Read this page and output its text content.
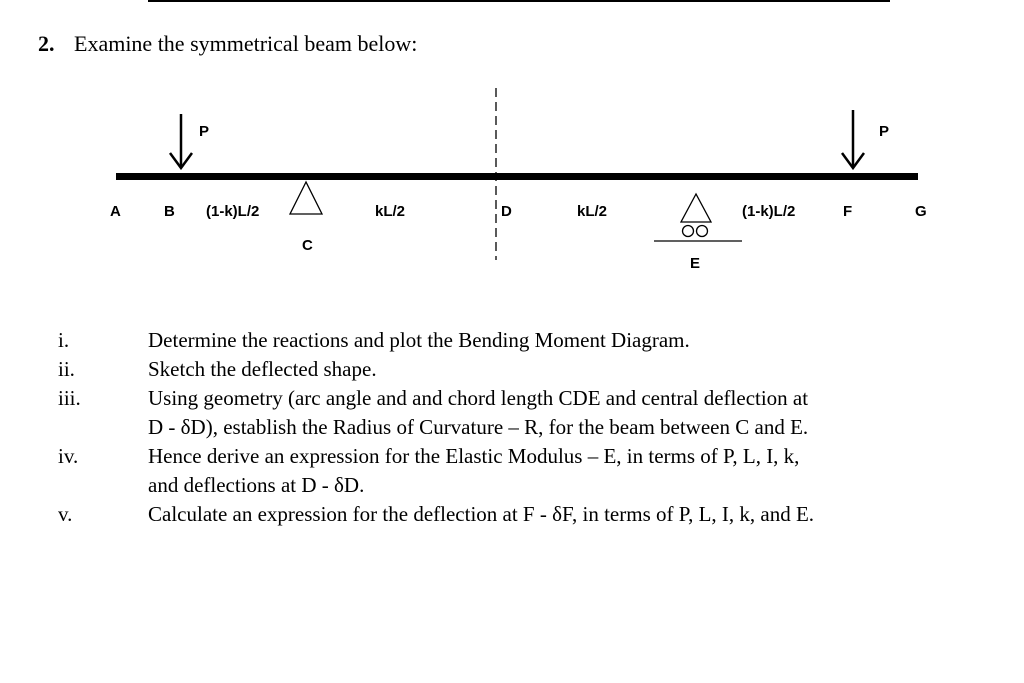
2. Examine the symmetrical beam below:
P	P
A	B (1-k)L/2	kL/2	D	kL/2	(1-k)L/2	F	G
C
E
i.	Determine the reactions and plot the Bending Moment Diagram.
ii.	Sketch the deflected shape.
iii.	Using geometry (arc angle and and chord length CDE and central deflection at
D - δD), establish the Radius of Curvature – R, for the beam between C and E.
iv.	Hence derive an expression for the Elastic Modulus – E, in terms of P, L, I, k,
and deflections at D - δD.
v.	Calculate an expression for the deflection at F - δF, in terms of P, L, I, k, and E.
